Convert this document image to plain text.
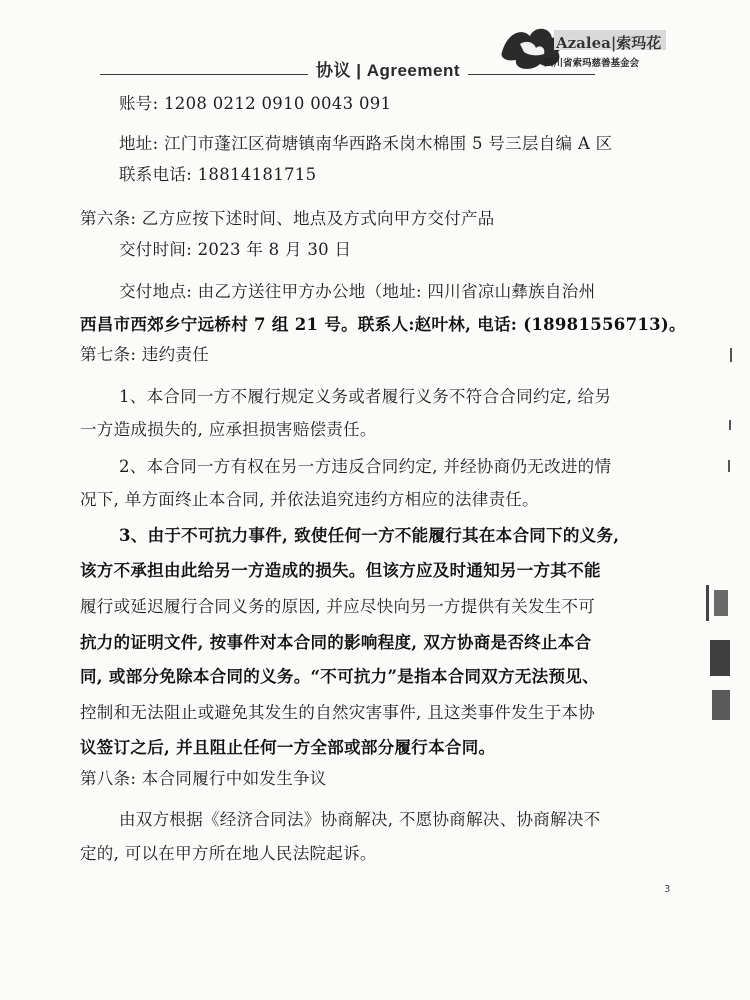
协议 | Agreement
Azalea|索玛花
四川省索玛慈善基金会
账号: 1208 0212 0910 0043 091
地址: 江门市蓬江区荷塘镇南华西路禾岗木棉围 5 号三层自编 A 区
联系电话: 18814181715
第六条: 乙方应按下述时间、地点及方式向甲方交付产品
交付时间: 2023 年 8 月 30 日
交付地点: 由乙方送往甲方办公地（地址: 四川省凉山彝族自治州
西昌市西郊乡宁远桥村 7 组 21 号。联系人:赵叶林, 电话: (18981556713)。
第七条: 违约责任
1、本合同一方不履行规定义务或者履行义务不符合合同约定, 给另
一方造成损失的, 应承担损害赔偿责任。
2、本合同一方有权在另一方违反合同约定, 并经协商仍无改进的情
况下, 单方面终止本合同, 并依法追究违约方相应的法律责任。
3、由于不可抗力事件, 致使任何一方不能履行其在本合同下的义务,
该方不承担由此给另一方造成的损失。但该方应及时通知另一方其不能
履行或延迟履行合同义务的原因, 并应尽快向另一方提供有关发生不可
抗力的证明文件, 按事件对本合同的影响程度, 双方协商是否终止本合
同, 或部分免除本合同的义务。“不可抗力”是指本合同双方无法预见、
控制和无法阻止或避免其发生的自然灾害事件, 且这类事件发生于本协
议签订之后, 并且阻止任何一方全部或部分履行本合同。
第八条: 本合同履行中如发生争议
由双方根据《经济合同法》协商解决, 不愿协商解决、协商解决不
定的, 可以在甲方所在地人民法院起诉。
3
